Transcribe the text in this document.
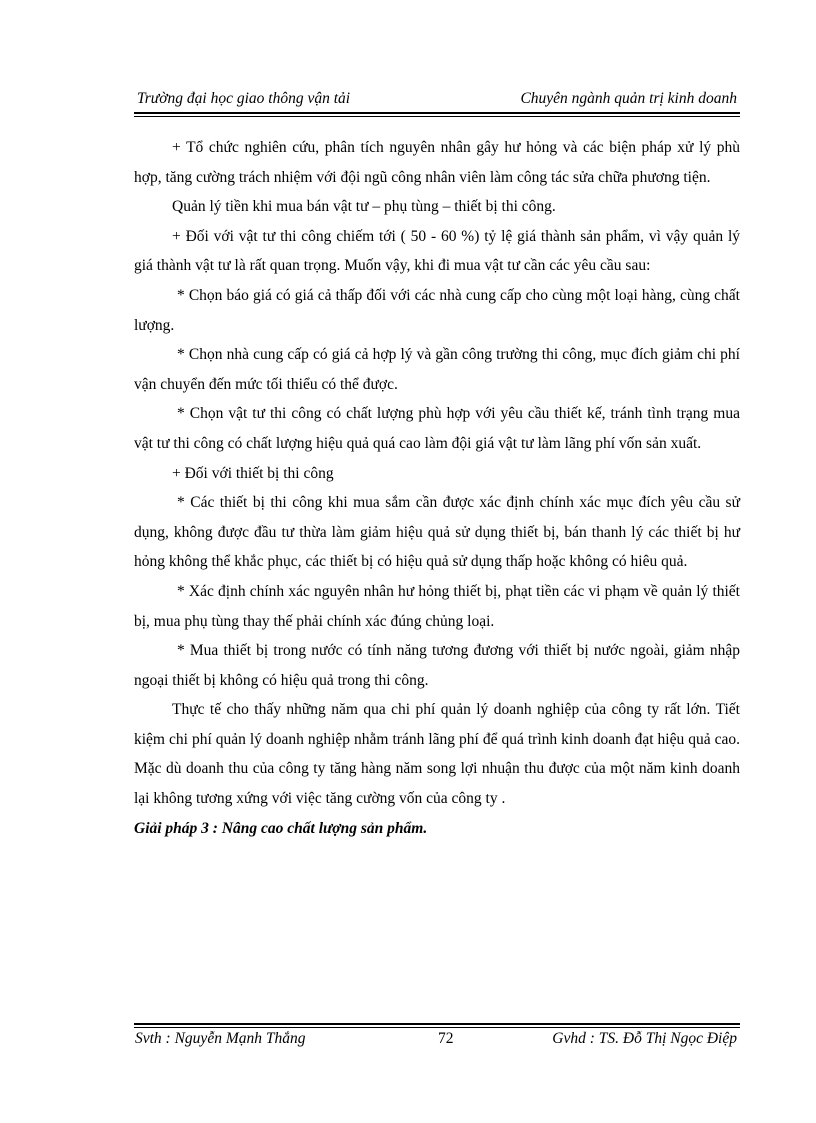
Trường đại học giao thông vận tải	Chuyên ngành quản trị kinh doanh

+ Tổ chức nghiên cứu, phân tích nguyên nhân gây hư hỏng và các biện pháp xử lý phù hợp, tăng cường trách nhiệm với đội ngũ công nhân viên làm công tác sửa chữa phương tiện.

Quản lý tiền khi mua bán vật tư – phụ tùng – thiết bị thi công.

+ Đối với vật tư thi công chiếm tới ( 50 - 60 %) tỷ lệ giá thành sản phẩm, vì vậy quản lý giá thành vật tư là rất quan trọng. Muốn vậy, khi đi mua vật tư cần các yêu cầu sau:

* Chọn báo giá có giá cả thấp đối với các nhà cung cấp cho cùng một loại hàng, cùng chất lượng.

* Chọn nhà cung cấp có giá cả hợp lý và gần công trường thi công, mục đích giảm chi phí vận chuyển đến mức tối thiểu có thể được.

* Chọn vật tư thi công có chất lượng phù hợp với yêu cầu thiết kế, tránh tình trạng mua vật tư thi công có chất lượng hiệu quả quá cao làm đội giá vật tư làm lãng phí vốn sản xuất.

+ Đối với thiết bị thi công

* Các thiết bị thi công khi mua sắm cần được xác định chính xác mục đích yêu cầu sử dụng, không được đầu tư thừa làm giảm hiệu quả sử dụng thiết bị, bán thanh lý các thiết bị hư hỏng không thể khắc phục, các thiết bị có hiệu quả sử dụng thấp hoặc không có hiêu quả.

* Xác định chính xác nguyên nhân hư hỏng thiết bị, phạt tiền các vi phạm về quản lý thiết bị, mua phụ tùng thay thế phải chính xác đúng chủng loại.

* Mua thiết bị trong nước có tính năng tương đương với thiết bị nước ngoài, giảm nhập ngoại thiết bị không có hiệu quả trong thi công.

Thực tế cho thấy những năm qua chi phí quản lý doanh nghiệp của công ty rất lớn. Tiết kiệm chi phí quản lý doanh nghiệp nhằm tránh lãng phí để quá trình kinh doanh đạt hiệu quả cao. Mặc dù doanh thu của công ty tăng hàng năm song lợi nhuận thu được của một năm kinh doanh lại không tương xứng với việc tăng cường vốn của công ty .

Giải pháp 3 : Nâng cao chất lượng sản phẩm.

Svth : Nguyễn Mạnh Thắng	72	Gvhd : TS. Đỗ Thị Ngọc Điệp
